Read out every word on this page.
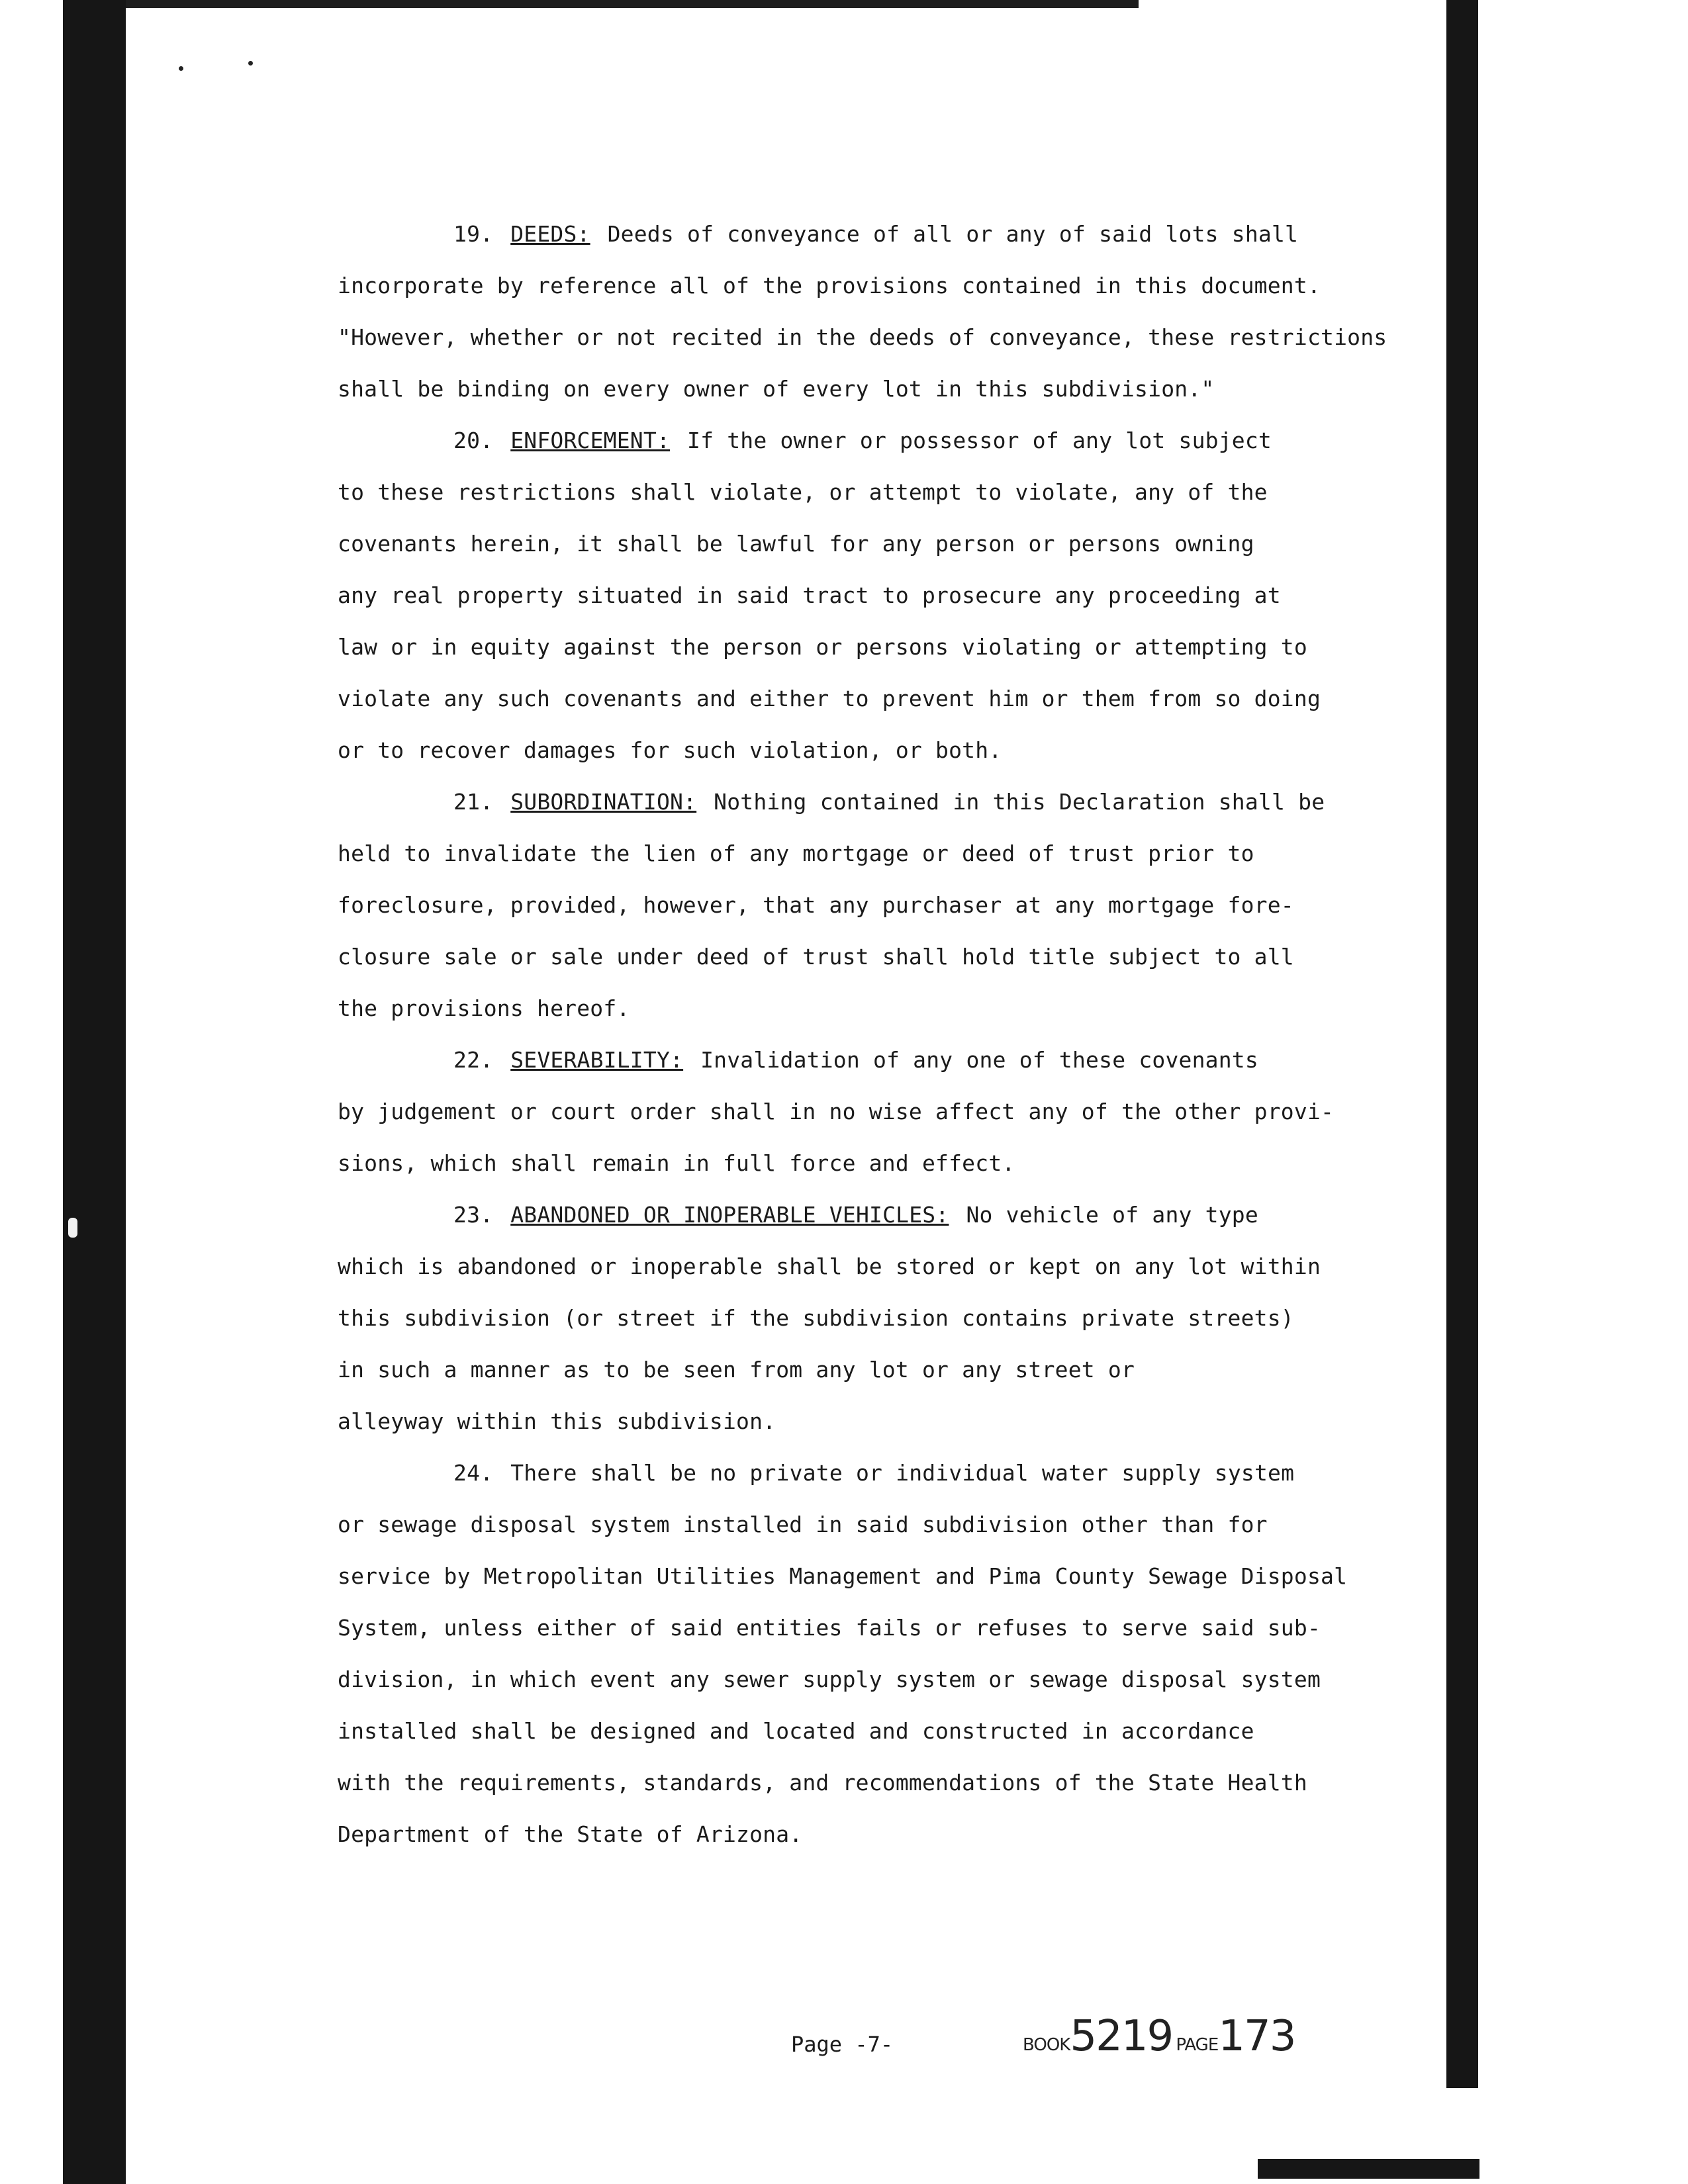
19. DEEDS: Deeds of conveyance of all or any of said lots shall
incorporate by reference all of the provisions contained in this document.
"However, whether or not recited in the deeds of conveyance, these restrictions
shall be binding on every owner of every lot in this subdivision."
20. ENFORCEMENT: If the owner or possessor of any lot subject
to these restrictions shall violate, or attempt to violate, any of the
covenants herein, it shall be lawful for any person or persons owning
any real property situated in said tract to prosecure any proceeding at
law or in equity against the person or persons violating or attempting to
violate any such covenants and either to prevent him or them from so doing
or to recover damages for such violation, or both.
21. SUBORDINATION: Nothing contained in this Declaration shall be
held to invalidate the lien of any mortgage or deed of trust prior to
foreclosure, provided, however, that any purchaser at any mortgage fore-
closure sale or sale under deed of trust shall hold title subject to all
the provisions hereof.
22. SEVERABILITY: Invalidation of any one of these covenants
by judgement or court order shall in no wise affect any of the other provi-
sions, which shall remain in full force and effect.
23. ABANDONED OR INOPERABLE VEHICLES: No vehicle of any type
which is abandoned or inoperable shall be stored or kept on any lot within
this subdivision (or street if the subdivision contains private streets)
in such a manner as to be seen from any lot or any street or
alleyway within this subdivision.
24. There shall be no private or individual water supply system
or sewage disposal system installed in said subdivision other than for
service by Metropolitan Utilities Management and Pima County Sewage Disposal
System, unless either of said entities fails or refuses to serve said sub-
division, in which event any sewer supply system or sewage disposal system
installed shall be designed and located and constructed in accordance
with the requirements, standards, and recommendations of the State Health
Department of the State of Arizona.
Page -7-	BOOK5219 PAGE173
